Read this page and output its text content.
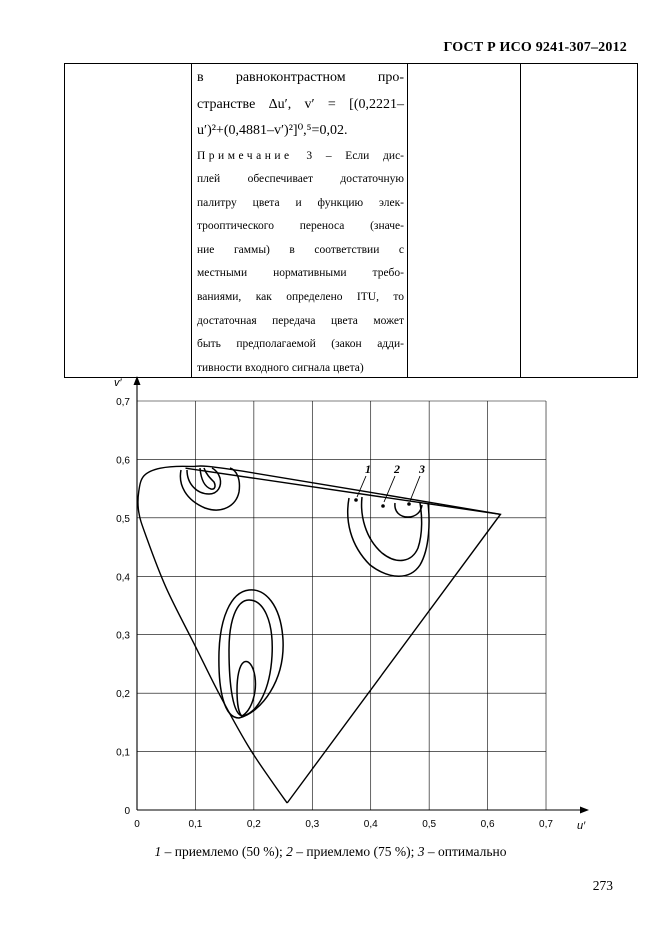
ГОСТ Р ИСО 9241-307–2012
в равноконтрастном про-
странстве Δu′, v′ = [(0,2221–
u′)²+(0,4881–v′)²]⁰,⁵=0,02.
Примечание 3 – Если дис-
плей обеспечивает достаточную
палитру цвета и функцию элек-
трооптического переноса (значе-
ние гаммы) в соответствии с
местными нормативными требо-
ваниями, как определено ITU, то
достаточная передача цвета может
быть предполагаемой (закон адди-
тивности входного сигнала цвета)
0
0
0,1
0,1
0,2
0,2
0,3
0,3
0,4
0,4
0,5
0,5
0,6
0,6
0,7
0,7
v′
u′
1 2 3
1 – приемлемо (50 %); 2 – приемлемо (75 %); 3 – оптимально
273
